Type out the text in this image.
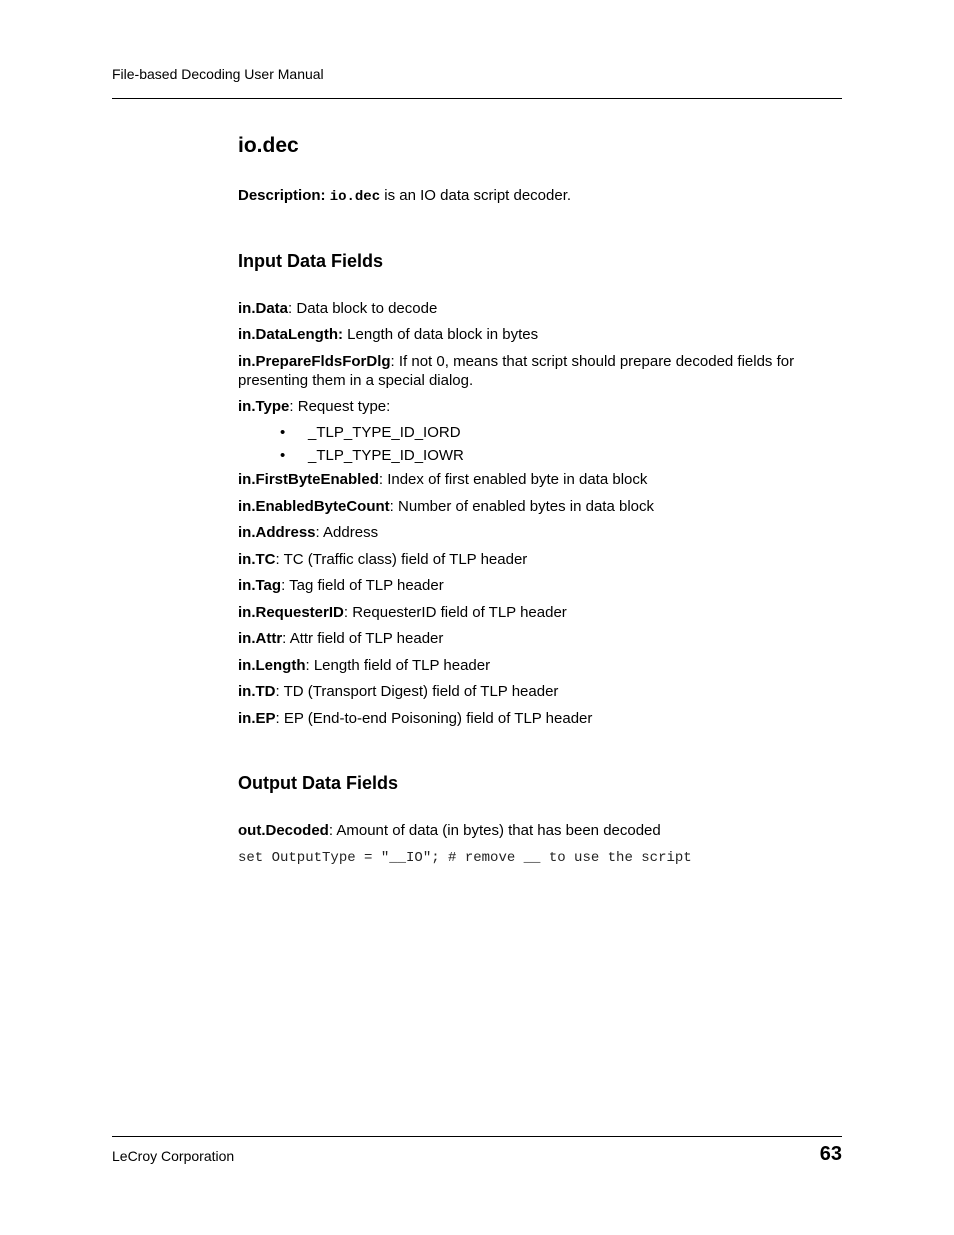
File-based Decoding User Manual
io.dec
Description: io.dec is an IO data script decoder.
Input Data Fields
in.Data: Data block to decode
in.DataLength: Length of data block in bytes
in.PrepareFldsForDlg: If not 0, means that script should prepare decoded fields for presenting them in a special dialog.
in.Type: Request type:
• _TLP_TYPE_ID_IORD
• _TLP_TYPE_ID_IOWR
in.FirstByteEnabled: Index of first enabled byte in data block
in.EnabledByteCount: Number of enabled bytes in data block
in.Address: Address
in.TC: TC (Traffic class) field of TLP header
in.Tag: Tag field of TLP header
in.RequesterID: RequesterID field of TLP header
in.Attr: Attr field of TLP header
in.Length: Length field of TLP header
in.TD: TD (Transport Digest) field of TLP header
in.EP: EP (End-to-end Poisoning) field of TLP header
Output Data Fields
out.Decoded: Amount of data (in bytes) that has been decoded
set OutputType = "__IO"; # remove __ to use the script
LeCroy Corporation	63
